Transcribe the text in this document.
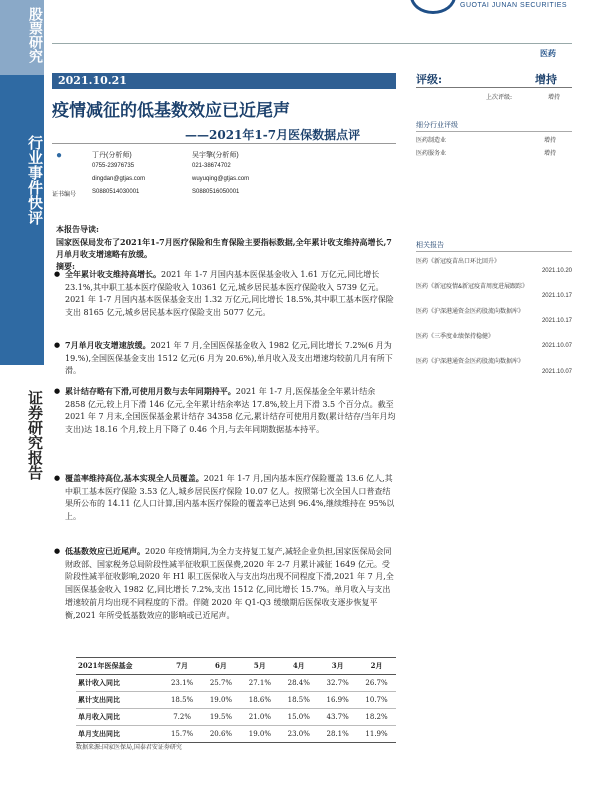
股票研究
行业事件快评
证券研究报告
GUOTAI JUNAN SECURITIES
医药
2021.10.21
疫情减征的低基数效应已近尾声
——2021年1-7月医保数据点评
●	丁丹(分析师)
0755-23976735
dingdan@gtjas.com
证书编号	S0880514030001
吴宇擎(分析师)
021-38674702
wuyuqing@gtjas.com
S0880516050001
评级:	增持
上次评级:	增持
细分行业评级
医药制造业	增持
医药服务业	增持
相关报告
医药《新冠疫苗出口环比回升》
2021.10.20
医药《新冠疫情&新冠疫苗周度进展跟踪》
2021.10.17
医药《沪深港通资金医药股流向数据库》
2021.10.17
医药《三季度业绩保持稳健》
2021.10.07
医药《沪深港通资金医药股流向数据库》
2021.10.07
本报告导读:
国家医保局发布了2021年1-7月医疗保险和生育保险主要指标数据,全年累计收支维持高增长,7月单月收支增速略有放缓。
摘要:
● 全年累计收支维持高增长。2021 年 1-7 月国内基本医保基金收入 1.61 万亿元,同比增长 23.1%,其中职工基本医疗保险收入 10361 亿元,城乡居民基本医疗保险收入 5739 亿元。2021 年 1-7 月国内基本医保基金支出 1.32 万亿元,同比增长 18.5%,其中职工基本医疗保险支出 8165 亿元,城乡居民基本医疗保险支出 5077 亿元。
● 7月单月收支增速放缓。2021 年 7 月,全国医保基金收入 1982 亿元,同比增长 7.2%(6 月为 19.%),全国医保基金支出 1512 亿元(6 月为 20.6%),单月收入及支出增速均较前几月有所下滑。
● 累计结存略有下滑,可使用月数与去年同期持平。2021 年 1-7 月,医保基金全年累计结余 2858 亿元,较上月下滑 146 亿元,全年累计结余率达 17.8%,较上月下滑 3.5 个百分点。截至 2021 年 7 月末,全国医保基金累计结存 34358 亿元,累计结存可使用月数(累计结存/当年月均支出)达 18.16 个月,较上月下降了 0.46 个月,与去年同期数据基本持平。
● 覆盖率维持高位,基本实现全人员覆盖。2021 年 1-7 月,国内基本医疗保险覆盖 13.6 亿人,其中职工基本医疗保险 3.53 亿人,城乡居民医疗保险 10.07 亿人。按照第七次全国人口普查结果所公布的 14.11 亿人口计算,国内基本医疗保险的覆盖率已达到 96.4%,继续维持在 95%以上。
● 低基数效应已近尾声。2020 年疫情期间,为全力支持复工复产,减轻企业负担,国家医保局会同财政部、国家税务总局阶段性减半征收职工医保费,2020 年 2-7 月累计减征 1649 亿元。受阶段性减半征收影响,2020 年 H1 职工医保收入与支出均出现不同程度下滑,2021 年 7 月,全国医保基金收入 1982 亿,同比增长 7.2%,支出 1512 亿,同比增长 15.7%。单月收入与支出增速较前月均出现不同程度的下滑。伴随 2020 年 Q1-Q3 缓缴期后医保收支逐步恢复平衡,2021 年所受低基数效应的影响或已近尾声。
2021年医保基金	7月	6月	5月	4月	3月	2月
累计收入同比	23.1%	25.7%	27.1%	28.4%	32.7%	26.7%
累计支出同比	18.5%	19.0%	18.6%	18.5%	16.9%	10.7%
单月收入同比	7.2%	19.5%	21.0%	15.0%	43.7%	18.2%
单月支出同比	15.7%	20.6%	19.0%	23.0%	28.1%	11.9%
数据来源:国家医保局,国泰君安证券研究
